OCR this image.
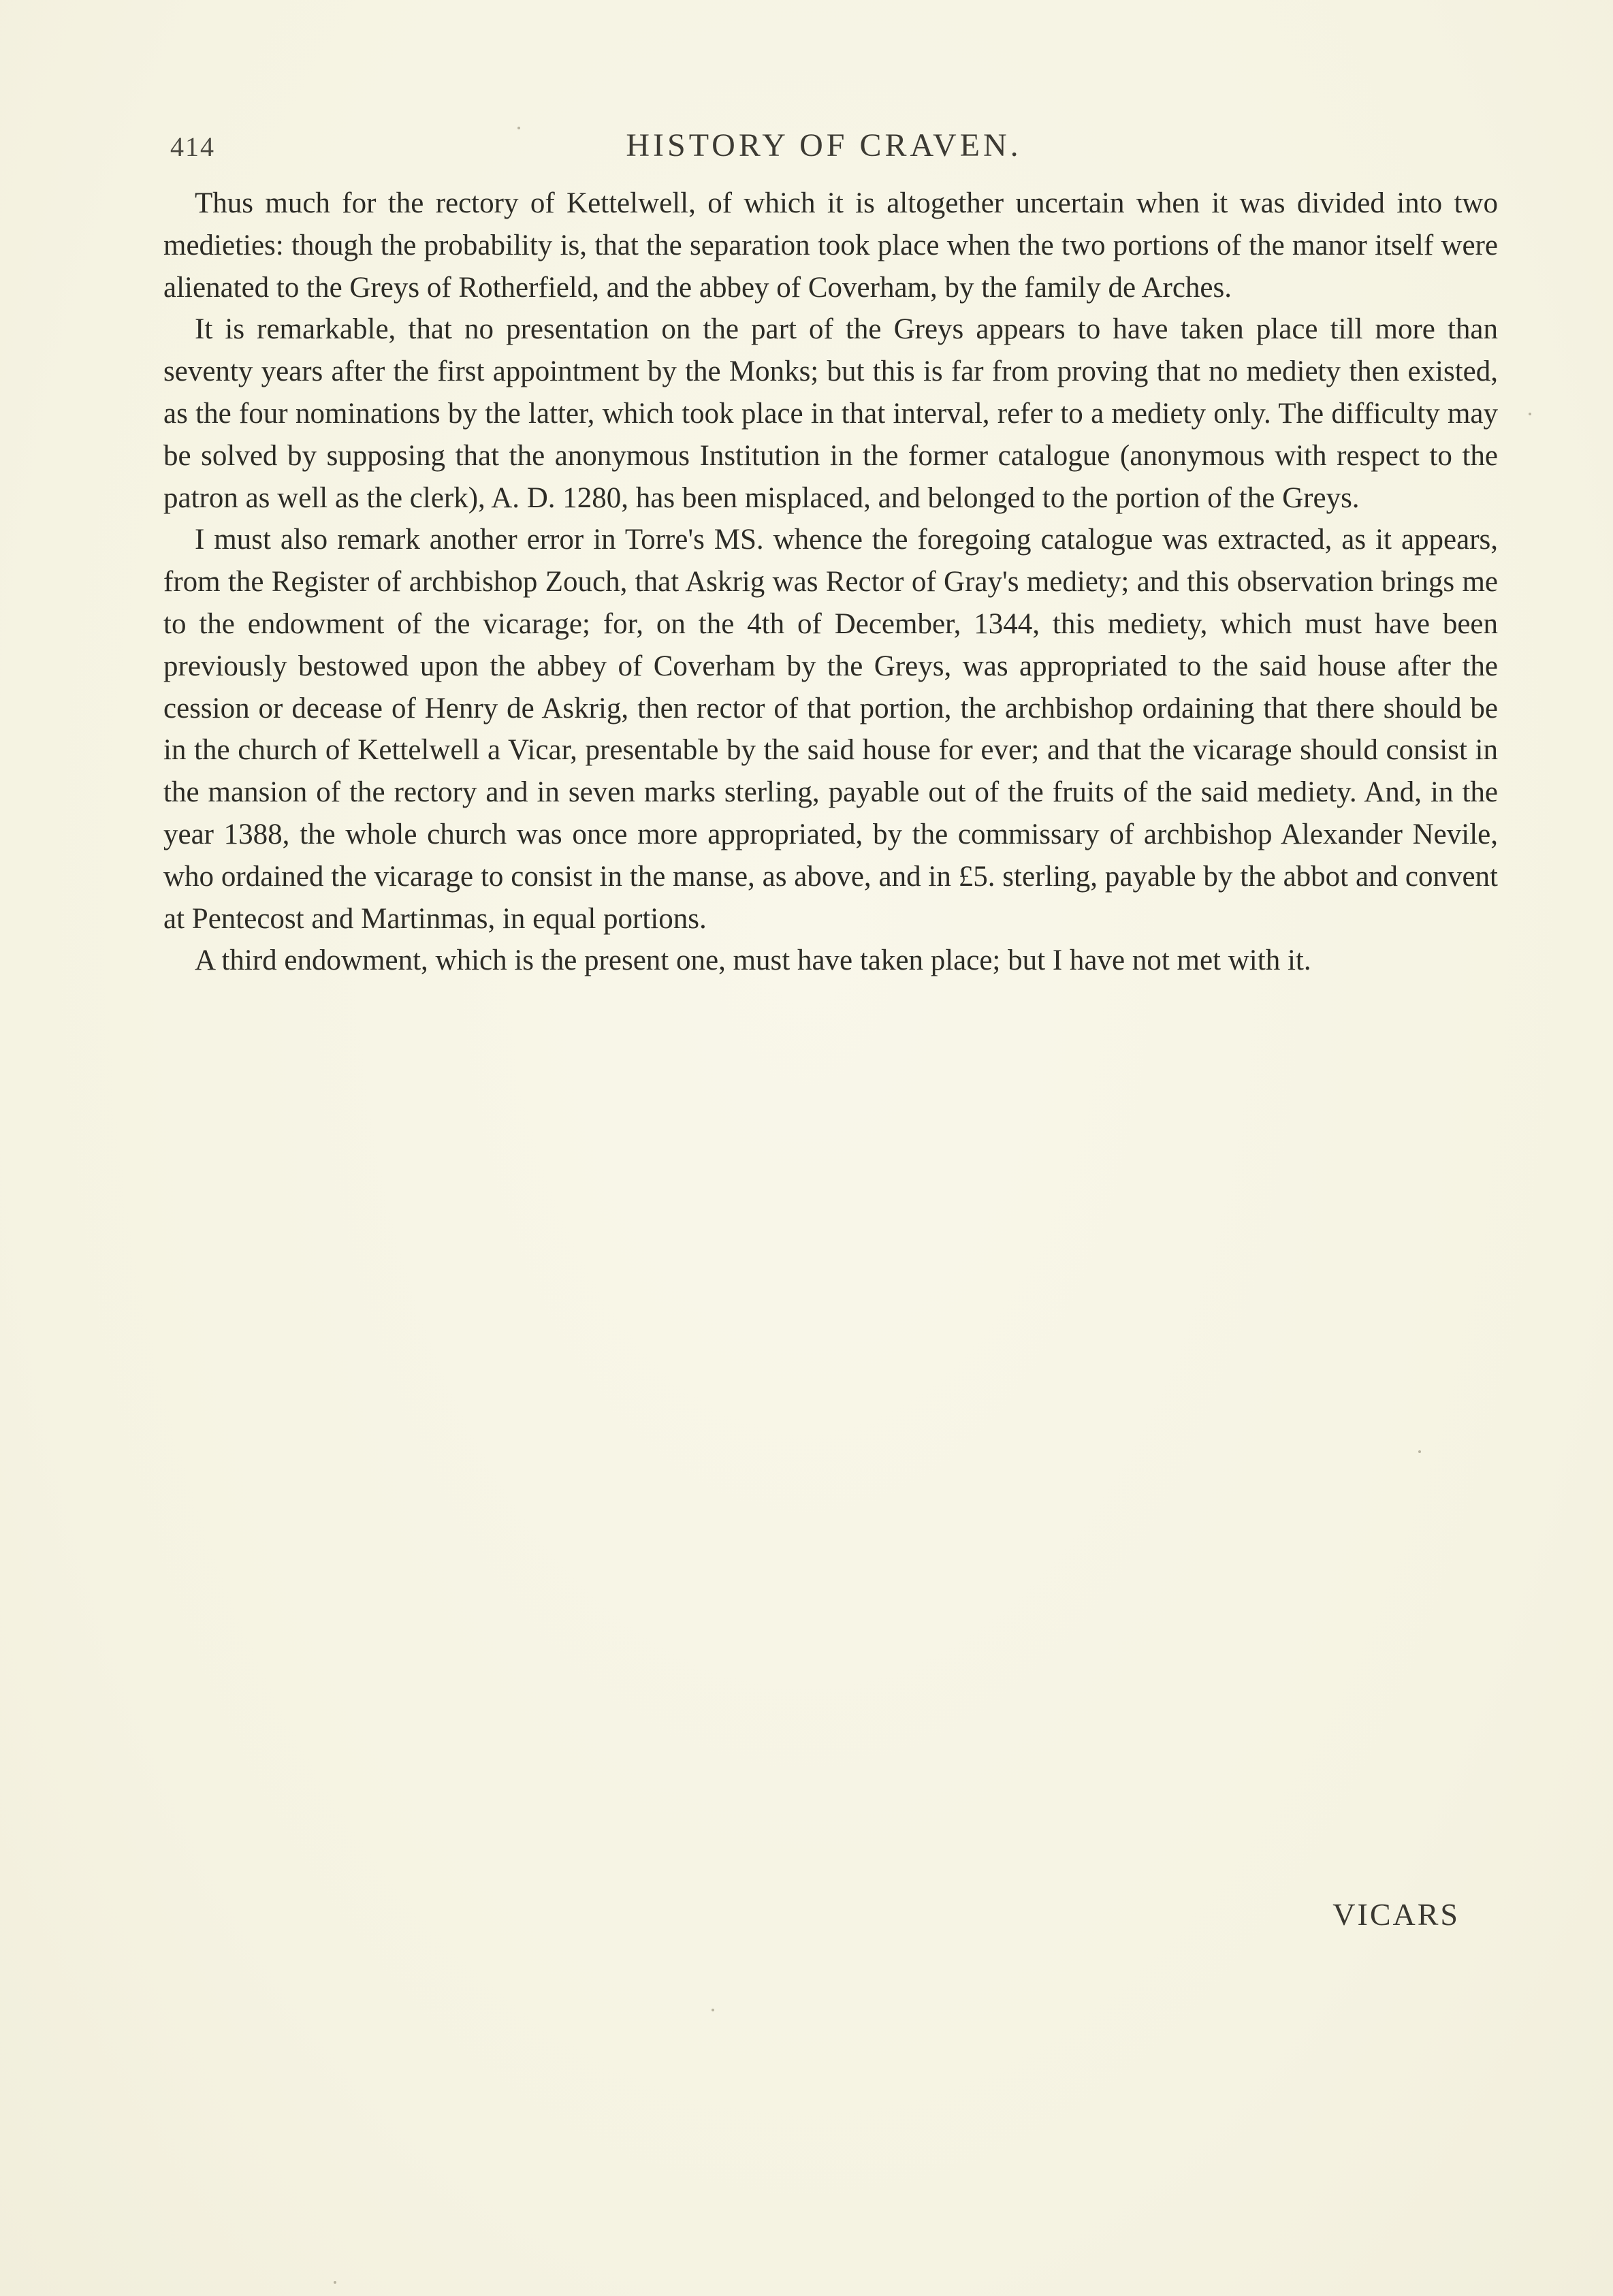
414	HISTORY OF CRAVEN.

Thus much for the rectory of Kettelwell, of which it is altogether uncertain when it was divided into two medieties: though the probability is, that the separation took place when the two portions of the manor itself were alienated to the Greys of Rotherfield, and the abbey of Coverham, by the family de Arches.

It is remarkable, that no presentation on the part of the Greys appears to have taken place till more than seventy years after the first appointment by the Monks; but this is far from proving that no mediety then existed, as the four nominations by the latter, which took place in that interval, refer to a mediety only. The difficulty may be solved by supposing that the anonymous Institution in the former catalogue (anonymous with respect to the patron as well as the clerk), A. D. 1280, has been misplaced, and belonged to the portion of the Greys.

I must also remark another error in Torre's MS. whence the foregoing catalogue was extracted, as it appears, from the Register of archbishop Zouch, that Askrig was Rector of Gray's mediety; and this observation brings me to the endowment of the vicarage; for, on the 4th of December, 1344, this mediety, which must have been previously bestowed upon the abbey of Coverham by the Greys, was appropriated to the said house after the cession or decease of Henry de Askrig, then rector of that portion, the archbishop ordaining that there should be in the church of Kettelwell a Vicar, presentable by the said house for ever; and that the vicarage should consist in the mansion of the rectory and in seven marks sterling, payable out of the fruits of the said mediety. And, in the year 1388, the whole church was once more appropriated, by the commissary of archbishop Alexander Nevile, who ordained the vicarage to consist in the manse, as above, and in £5. sterling, payable by the abbot and convent at Pentecost and Martinmas, in equal portions.

A third endowment, which is the present one, must have taken place; but I have not met with it.

VICARS
